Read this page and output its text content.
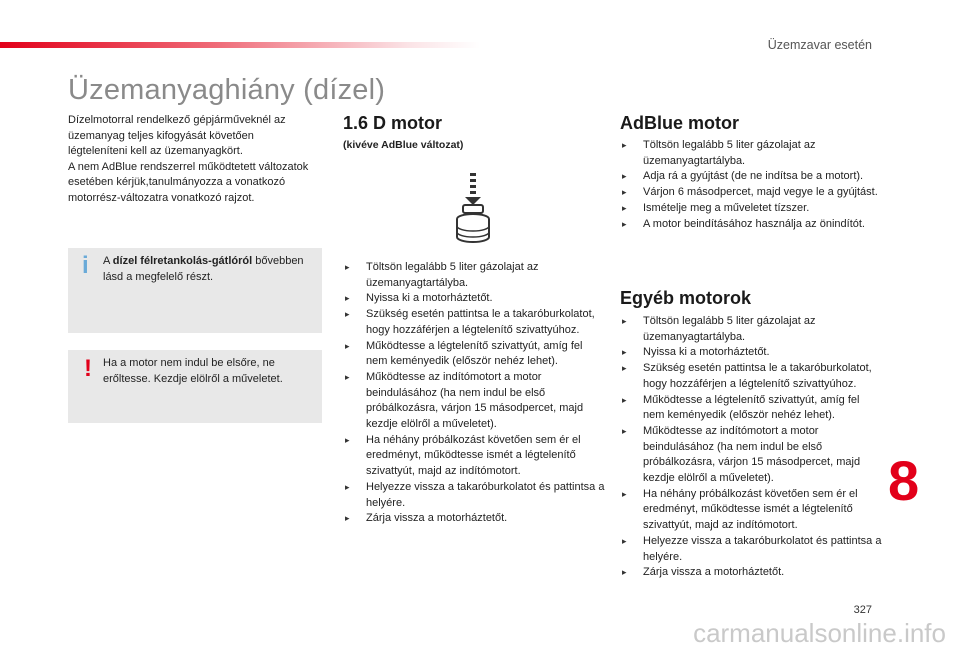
Üzemzavar esetén
Üzemanyaghiány (dízel)
Dízelmotorral rendelkező gépjárműveknél az üzemanyag teljes kifogyását követően légteleníteni kell az üzemanyagkört.
A nem AdBlue rendszerrel működtetett változatok esetében kérjük,tanulmányozza a vonatkozó motorrész-változatra vonatkozó rajzot.
i A dízel félretankolás-gátlóról bővebben lásd a megfelelő részt.
! Ha a motor nem indul be elsőre, ne erőltesse. Kezdje elölről a műveletet.
1.6 D motor
(kivéve AdBlue változat)
▸ Töltsön legalább 5 liter gázolajat az üzemanyagtartályba.
▸ Nyissa ki a motorháztetőt.
▸ Szükség esetén pattintsa le a takaróburkolatot, hogy hozzáférjen a légtelenítő szivattyúhoz.
▸ Működtesse a légtelenítő szivattyút, amíg fel nem keményedik (először nehéz lehet).
▸ Működtesse az indítómotort a motor beindulásához (ha nem indul be első próbálkozásra, várjon 15 másodpercet, majd kezdje elölről a műveletet).
▸ Ha néhány próbálkozást követően sem ér el eredményt, működtesse ismét a légtelenítő szivattyút, majd az indítómotort.
▸ Helyezze vissza a takaróburkolatot és pattintsa a helyére.
▸ Zárja vissza a motorháztetőt.
AdBlue motor
▸ Töltsön legalább 5 liter gázolajat az üzemanyagtartályba.
▸ Adja rá a gyújtást (de ne indítsa be a motort).
▸ Várjon 6 másodpercet, majd vegye le a gyújtást.
▸ Ismételje meg a műveletet tízszer.
▸ A motor beindításához használja az önindítót.
Egyéb motorok
▸ Töltsön legalább 5 liter gázolajat az üzemanyagtartályba.
▸ Nyissa ki a motorháztetőt.
▸ Szükség esetén pattintsa le a takaróburkolatot, hogy hozzáférjen a légtelenítő szivattyúhoz.
▸ Működtesse a légtelenítő szivattyút, amíg fel nem keményedik (először nehéz lehet).
▸ Működtesse az indítómotort a motor beindulásához (ha nem indul be első próbálkozásra, várjon 15 másodpercet, majd kezdje elölről a műveletet).
▸ Ha néhány próbálkozást követően sem ér el eredményt, működtesse ismét a légtelenítő szivattyút, majd az indítómotort.
▸ Helyezze vissza a takaróburkolatot és pattintsa a helyére.
▸ Zárja vissza a motorháztetőt.
8
327
carmanualsonline.info
